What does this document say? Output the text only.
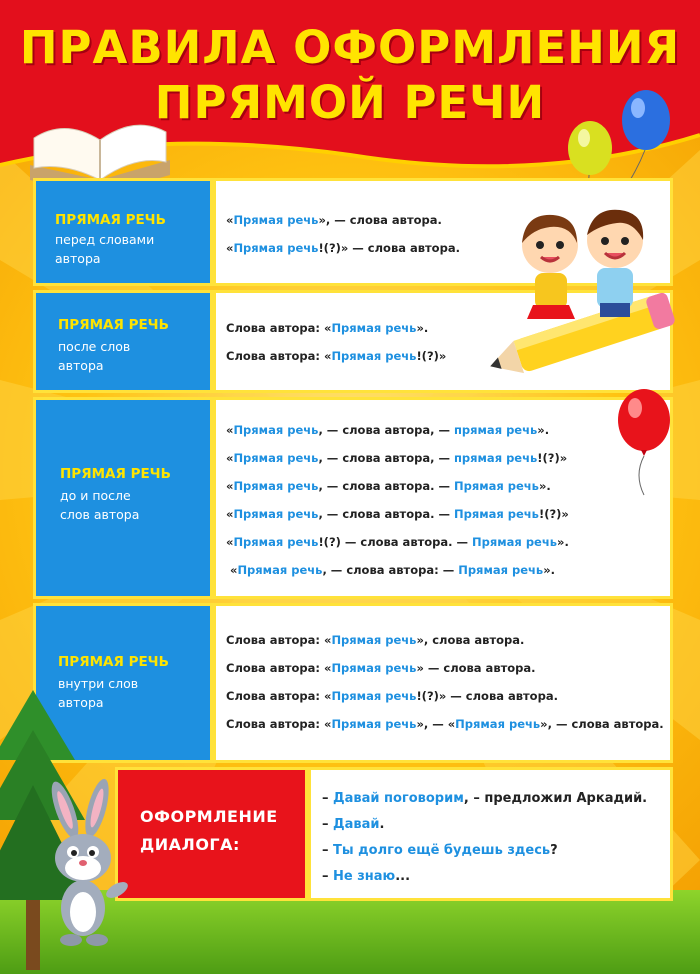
ПРАВИЛА ОФОРМЛЕНИЯ
ПРЯМОЙ РЕЧИ
ПРЯМАЯ РЕЧЬ
перед словами
автора
«Прямая речь», — слова автора.
«Прямая речь!(?)» — слова автора.
ПРЯМАЯ РЕЧЬ
после слов
автора
Слова автора: «Прямая речь».
Слова автора: «Прямая речь!(?)»
ПРЯМАЯ РЕЧЬ
до и после
слов автора
«Прямая речь, — слова автора, — прямая речь».
«Прямая речь, — слова автора, — прямая речь!(?)»
«Прямая речь, — слова автора. — Прямая речь».
«Прямая речь, — слова автора. — Прямая речь!(?)»
«Прямая речь!(?) — слова автора. — Прямая речь».
«Прямая речь, — слова автора: — Прямая речь».
ПРЯМАЯ РЕЧЬ
внутри слов
автора
Слова автора: «Прямая речь», слова автора.
Слова автора: «Прямая речь» — слова автора.
Слова автора: «Прямая речь!(?)» — слова автора.
Слова автора: «Прямая речь», — «Прямая речь», — слова автора.
ОФОРМЛЕНИЕ
ДИАЛОГА:
– Давай поговорим, – предложил Аркадий.
– Давай.
– Ты долго ещё будешь здесь?
– Не знаю...
